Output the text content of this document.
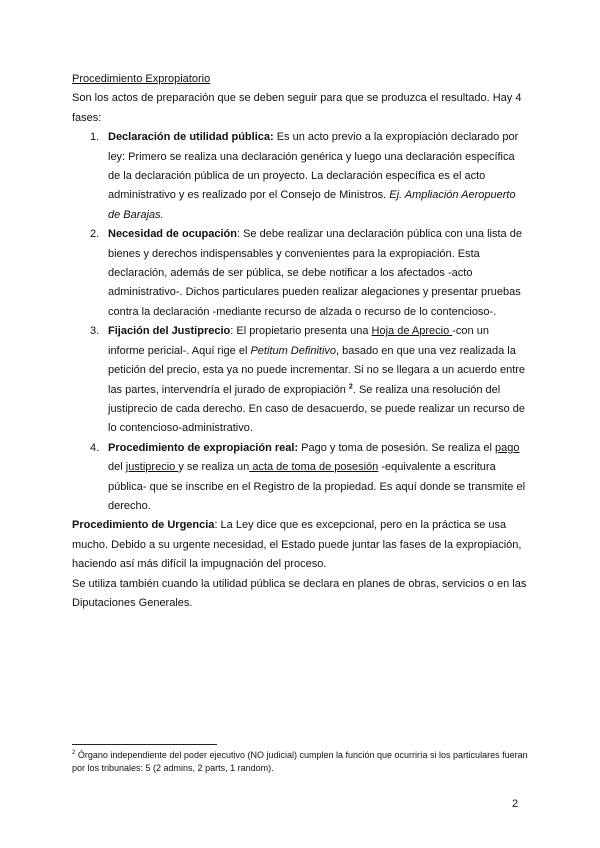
Procedimiento Expropiatorio

Son los actos de preparación que se deben seguir para que se produzca el resultado. Hay 4 fases:

1. Declaración de utilidad pública: Es un acto previo a la expropiación declarado por ley: Primero se realiza una declaración genérica y luego una declaración específica de la declaración pública de un proyecto. La declaración específica es el acto administrativo y es realizado por el Consejo de Ministros. Ej. Ampliación Aeropuerto de Barajas.
2. Necesidad de ocupación: Se debe realizar una declaración pública con una lista de bienes y derechos indispensables y convenientes para la expropiación. Esta declaración, además de ser pública, se debe notificar a los afectados -acto administrativo-. Dichos particulares pueden realizar alegaciones y presentar pruebas contra la declaración -mediante recurso de alzada o recurso de lo contencioso-.
3. Fijación del Justiprecio: El propietario presenta una Hoja de Aprecio -con un informe pericial-. Aquí rige el Petitum Definitivo, basado en que una vez realizada la petición del precio, esta ya no puede incrementar. Si no se llegara a un acuerdo entre las partes, intervendría el jurado de expropiación $^2$. Se realiza una resolución del justiprecio de cada derecho. En caso de desacuerdo, se puede realizar un recurso de lo contencioso-administrativo.
4. Procedimiento de expropiación real: Pago y toma de posesión. Se realiza el pago del justiprecio y se realiza un acta de toma de posesión -equivalente a escritura pública- que se inscribe en el Registro de la propiedad. Es aquí donde se transmite el derecho.

Procedimiento de Urgencia: La Ley dice que es excepcional, pero en la práctica se usa mucho. Debido a su urgente necesidad, el Estado puede juntar las fases de la expropiación, haciendo así más difícil la impugnación del proceso.

Se utiliza también cuando la utilidad pública se declara en planes de obras, servicios o en las Diputaciones Generales.

$^2$ Órgano independiente del poder ejecutivo (NO judicial) cumplen la función que ocurriría si los particulares fueran por los tribunales: 5 (2 admins, 2 parts, 1 random).
2
